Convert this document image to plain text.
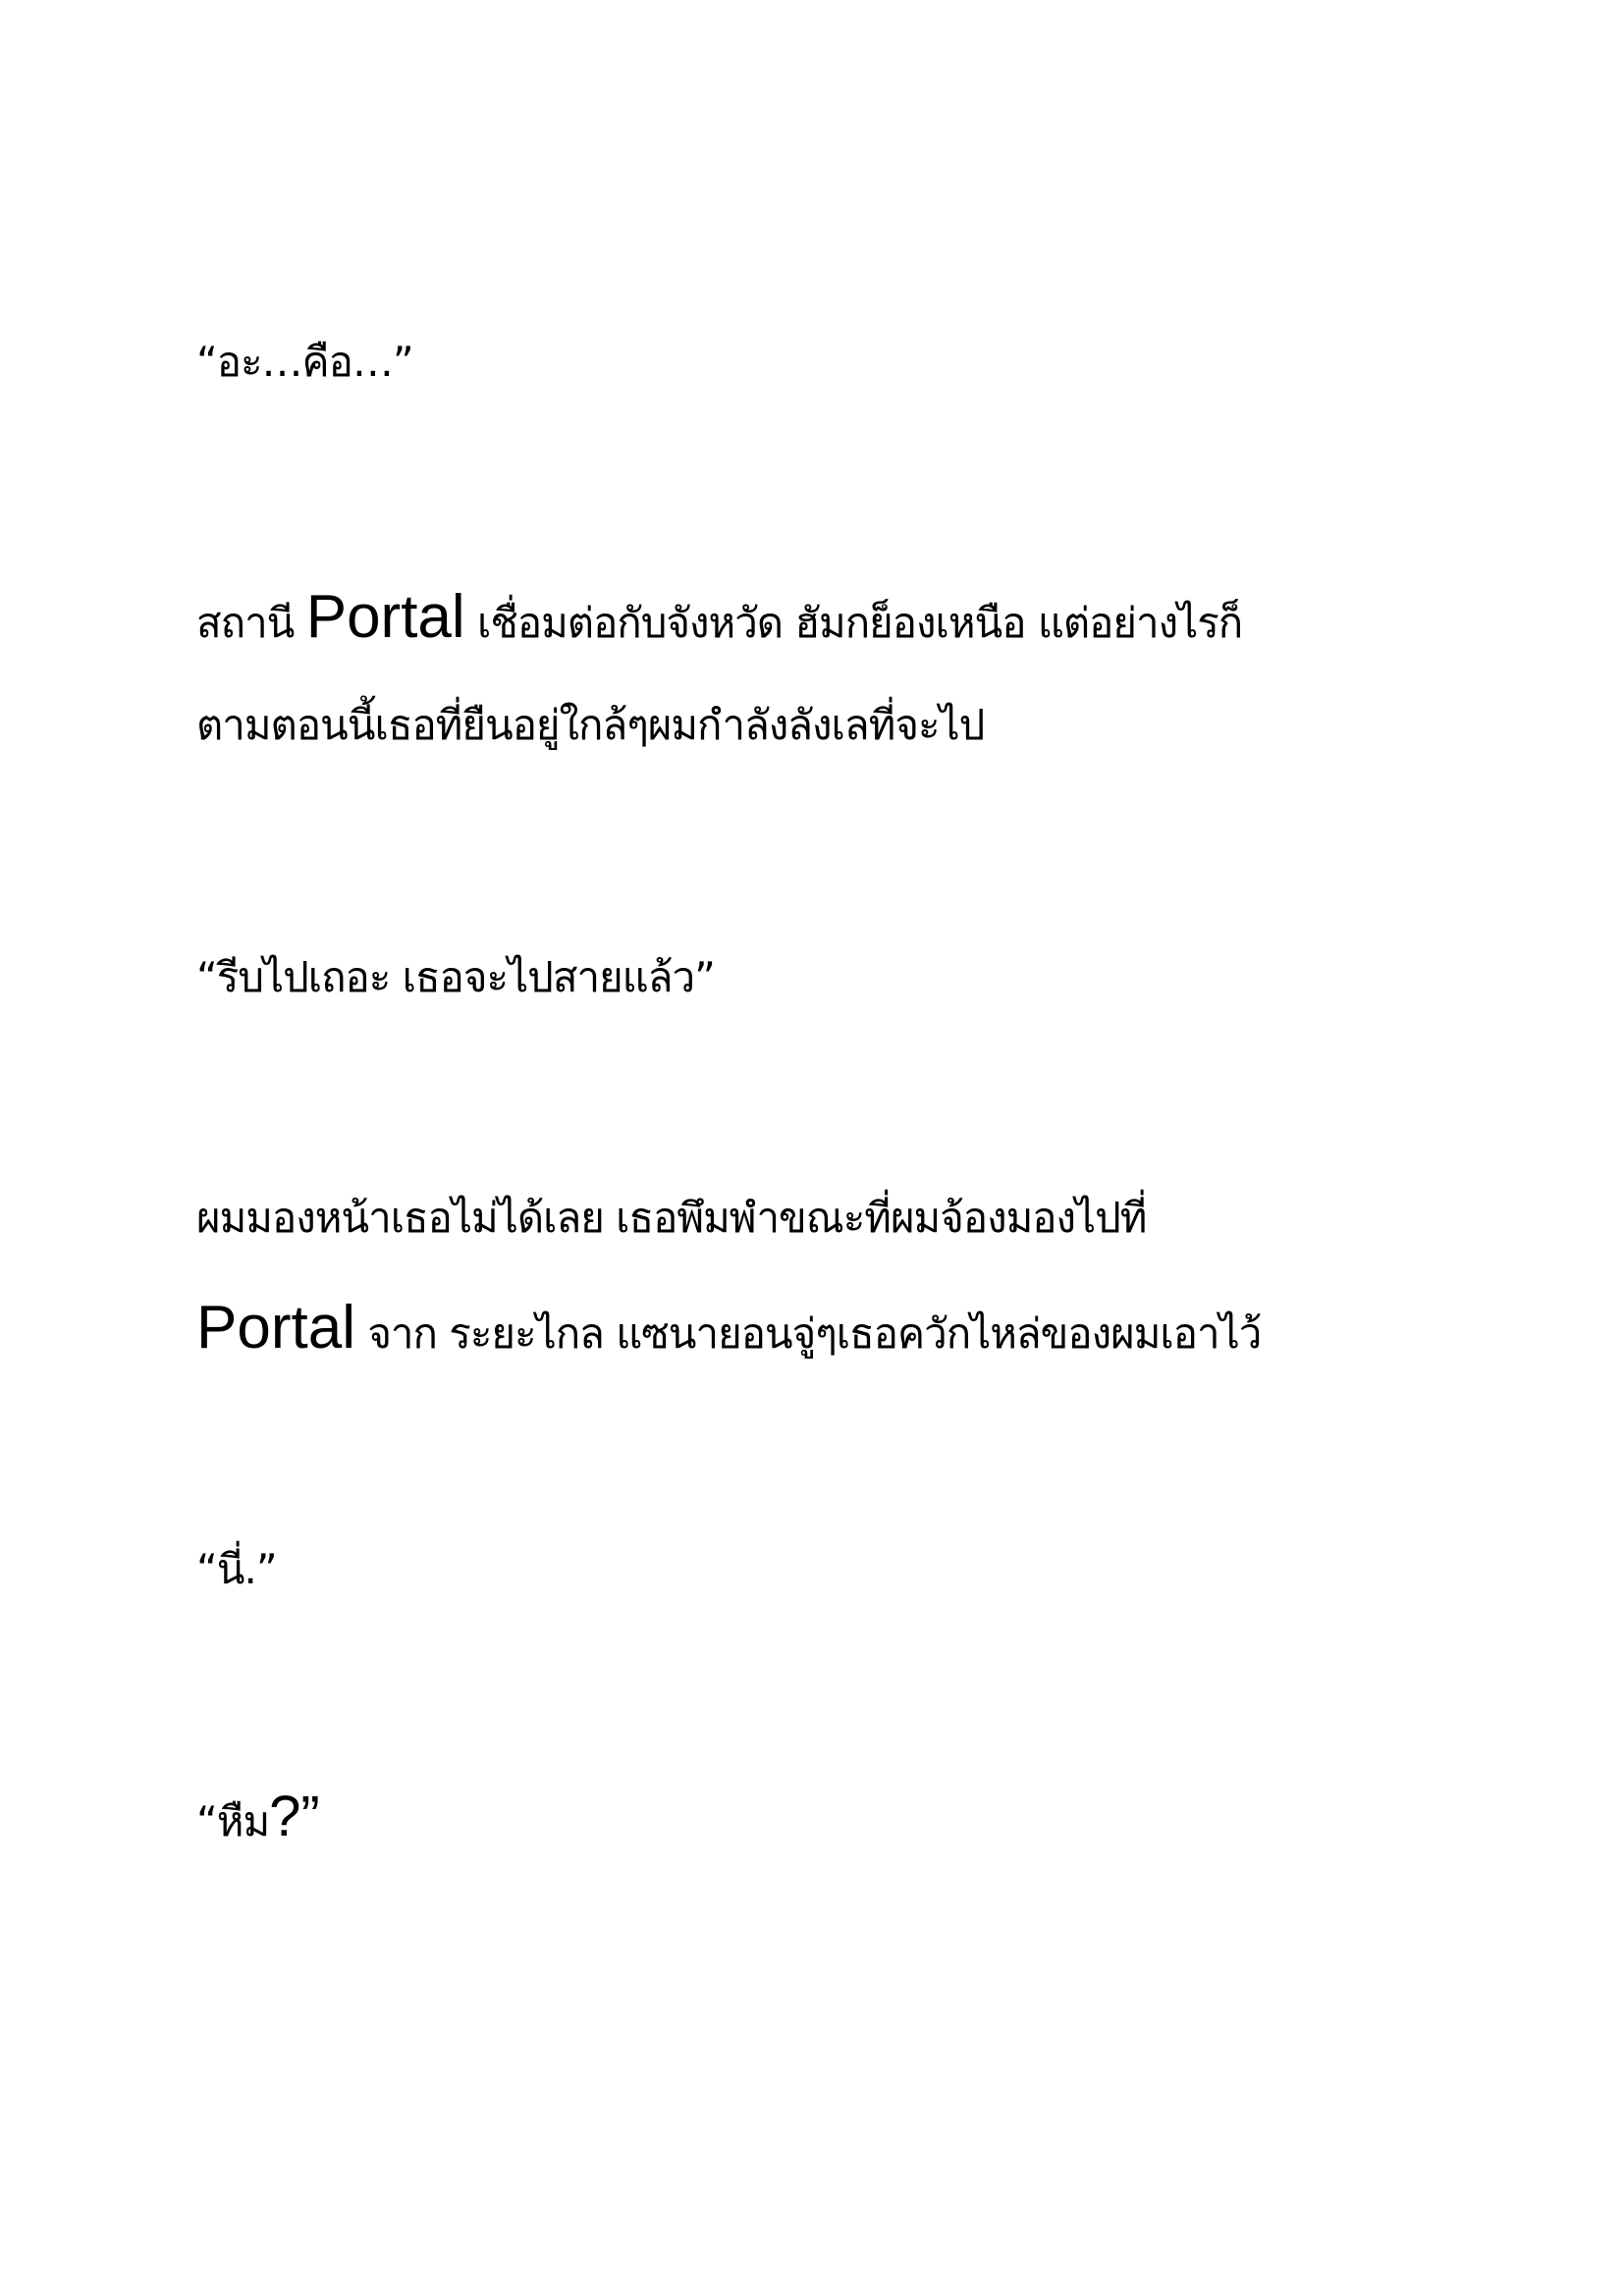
“อะ…คือ…”

สถานี Portal เชื่อมต่อกับจังหวัด ฮัมกย็องเหนือ แต่อย่างไรก็

ตามตอนนี้เธอที่ยืนอยู่ใกล้ๆผมกำลังลังเลที่จะไป

“รีบไปเถอะ เธอจะไปสายแล้ว”

ผมมองหน้าเธอไม่ได้เลย เธอพึมพำขณะที่ผมจ้องมองไปที่

Portal จาก ระยะไกล แซนายอนจู่ๆเธอควักไหล่ของผมเอาไว้

“นี่.”

“หืม?”
